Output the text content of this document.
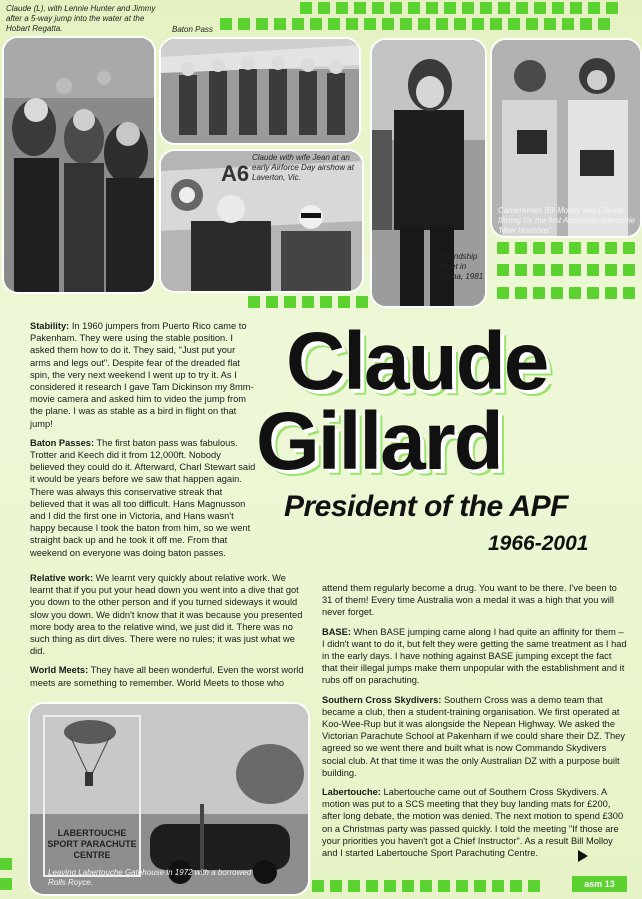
Claude (L), with Lennie Hunter and Jimmy after a 5-way jump into the water at the Hobart Regatta.	Baton Pass
A6
Claude with wife Jean at an early Airforce Day airshow at Laverton, Vic.
Friendship Meet in China, 1981
Cameramen Bill Molloy and Claude filming for the first Australian telemovie 'New Horizons'
Claude
Gillard
President of the APF
1966-2001

Stability: In 1960 jumpers from Puerto Rico came to Pakenham. They were using the stable position. I asked them how to do it. They said, "Just put your arms and legs out". Despite fear of the dreaded flat spin, the very next weekend I went up to try it. As I considered it research I gave Tam Dickinson my 8mm-movie camera and asked him to video the jump from the plane. I was as stable as a bird in flight on that jump!

Baton Passes: The first baton pass was fabulous. Trotter and Keech did it from 12,000ft. Nobody believed they could do it. Afterward, Charl Stewart said it would be years before we saw that happen again. There was always this conservative streak that believed that it was all too difficult. Hans Magnusson and I did the first one in Victoria, and Hans wasn't happy because I took the baton from him, so we went straight back up and he took it off me. From that weekend on everyone was doing baton passes.

Relative work: We learnt very quickly about relative work. We learnt that if you put your head down you went into a dive that got you down to the other person and if you turned sideways it would slow you down. We didn't know that it was because you presented more body area to the relative wind, we just did it. There was no such thing as dirt dives. There were no rules; it was just what we did.

World Meets: They have all been wonderful. Even the worst world meets are something to remember. World Meets to those who

attend them regularly become a drug. You want to be there. I've been to 31 of them! Every time Australia won a medal it was a high that you will never forget.

BASE: When BASE jumping came along I had quite an affinity for them – I didn't want to do it, but felt they were getting the same treatment as I had in the early days. I have nothing against BASE jumping except the fact that their illegal jumps make them unpopular with the establishment and it rubs off on parachuting.

Southern Cross Skydivers: Southern Cross was a demo team that became a club, then a student-training organisation. We first operated at Koo-Wee-Rup but it was alongside the Nepean Highway. We asked the Victorian Parachute School at Pakenham if we could share their DZ. They agreed so we went there and built what is now Commando Skydivers social club. At that time it was the only Australian DZ with a purpose built building.

Labertouche: Labertouche came out of Southern Cross Skydivers. A motion was put to a SCS meeting that they buy landing mats for £200, after long debate, the motion was denied. The next motion to spend £300 on a Christmas party was passed quickly. I told the meeting "If those are your priorities you haven't got a Chief Instructor". As a result Bill Molloy and I started Labertouche Sport Parachuting Centre.

LABERTOUCHE
SPORT PARACHUTE CENTRE
Leaving Labertouche Gatehouse in 1972 with a borrowed Rolls Royce.	asm 13
